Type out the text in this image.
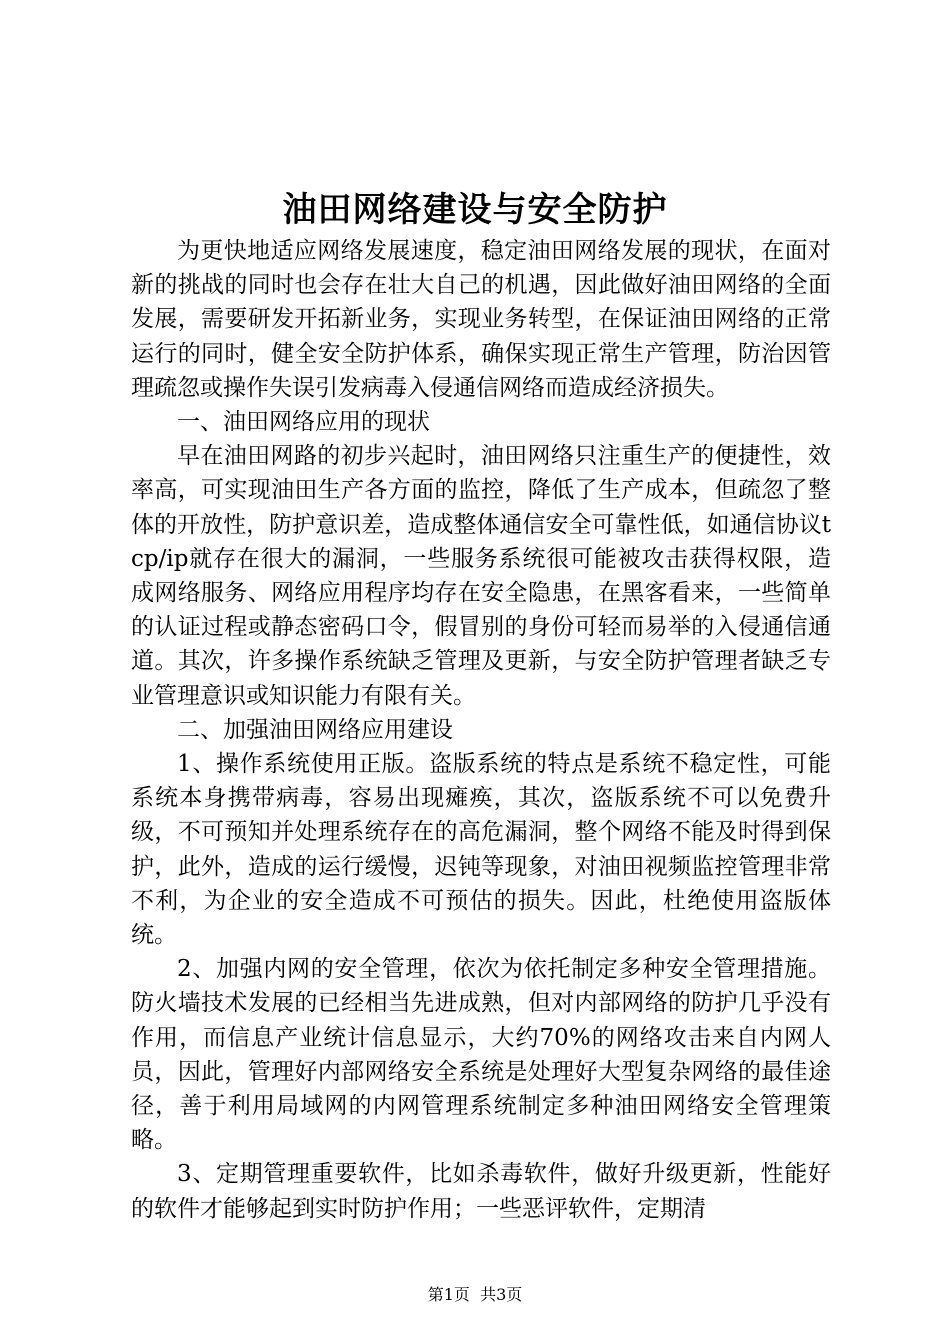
油田网络建设与安全防护

为更快地适应网络发展速度，稳定油田网络发展的现状，在面对新的挑战的同时也会存在壮大自己的机遇，因此做好油田网络的全面发展，需要研发开拓新业务，实现业务转型，在保证油田网络的正常运行的同时，健全安全防护体系，确保实现正常生产管理，防治因管理疏忽或操作失误引发病毒入侵通信网络而造成经济损失。

一、油田网络应用的现状

早在油田网路的初步兴起时，油田网络只注重生产的便捷性，效率高，可实现油田生产各方面的监控，降低了生产成本，但疏忽了整体的开放性，防护意识差，造成整体通信安全可靠性低，如通信协议tcp/ip就存在很大的漏洞，一些服务系统很可能被攻击获得权限，造成网络服务、网络应用程序均存在安全隐患，在黑客看来，一些简单的认证过程或静态密码口令，假冒别的身份可轻而易举的入侵通信通道。其次，许多操作系统缺乏管理及更新，与安全防护管理者缺乏专业管理意识或知识能力有限有关。

二、加强油田网络应用建设

1、操作系统使用正版。盗版系统的特点是系统不稳定性，可能系统本身携带病毒，容易出现瘫痪，其次，盗版系统不可以免费升级，不可预知并处理系统存在的高危漏洞，整个网络不能及时得到保护，此外，造成的运行缓慢，迟钝等现象，对油田视频监控管理非常不利，为企业的安全造成不可预估的损失。因此，杜绝使用盗版体统。

2、加强内网的安全管理，依次为依托制定多种安全管理措施。防火墙技术发展的已经相当先进成熟，但对内部网络的防护几乎没有作用，而信息产业统计信息显示，大约70%的网络攻击来自内网人员，因此，管理好内部网络安全系统是处理好大型复杂网络的最佳途径，善于利用局域网的内网管理系统制定多种油田网络安全管理策略。

3、定期管理重要软件，比如杀毒软件，做好升级更新，性能好的软件才能够起到实时防护作用；一些恶评软件，定期清

第1页  共3页
